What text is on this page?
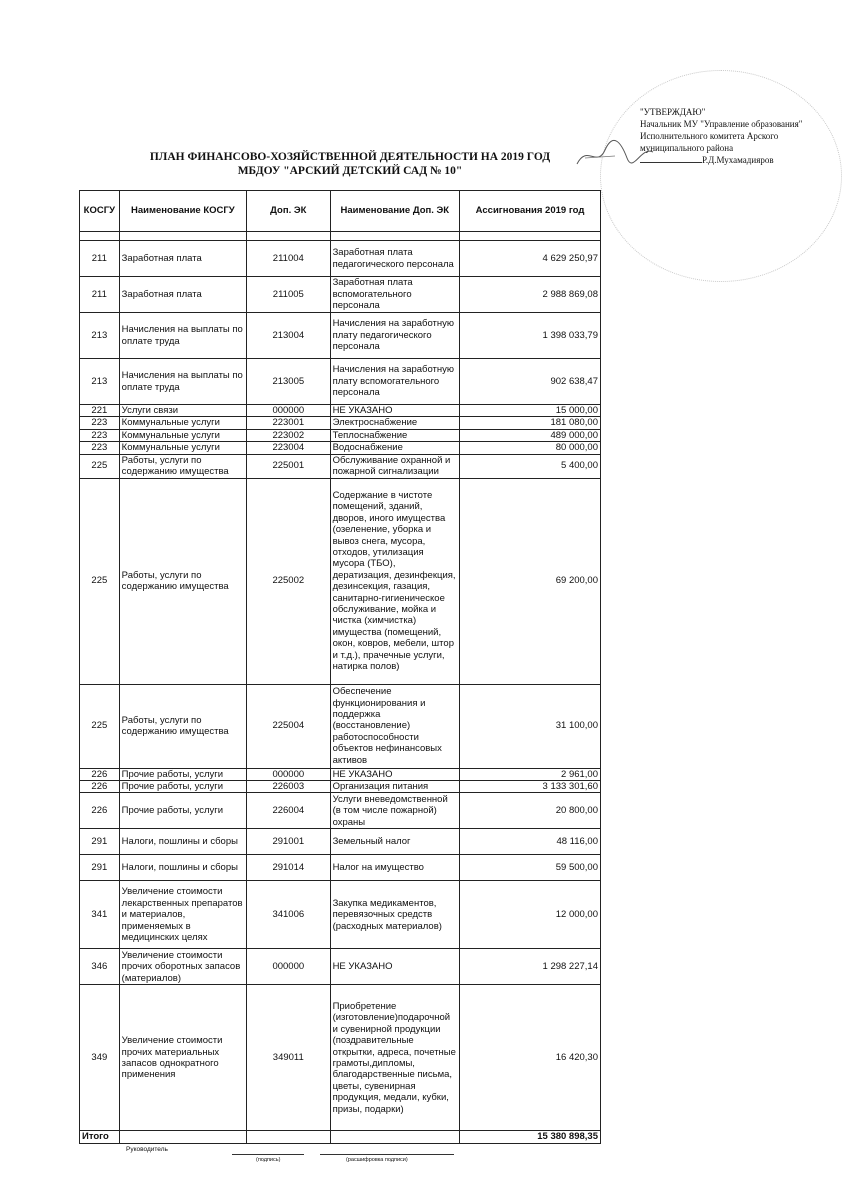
"УТВЕРЖДАЮ"
Начальник МУ "Управление образования"
Исполнительного комитета Арского
муниципального района
Р.Д.Мухамадияров
ПЛАН ФИНАНСОВО-ХОЗЯЙСТВЕННОЙ ДЕЯТЕЛЬНОСТИ НА 2019 ГОД
МБДОУ "АРСКИЙ ДЕТСКИЙ САД № 10"
КОСГУ	Наименование КОСГУ	Доп. ЭК	Наименование Доп. ЭК	Ассигнования 2019 год

211	Заработная плата	211004	Заработная плата педагогического персонала	4 629 250,97
211	Заработная плата	211005	Заработная плата вспомогательного персонала	2 988 869,08
213	Начисления на выплаты по оплате труда	213004	Начисления на заработную плату педагогического персонала	1 398 033,79
213	Начисления на выплаты по оплате труда	213005	Начисления на заработную плату вспомогательного персонала	902 638,47
221	Услуги связи	000000	НЕ УКАЗАНО	15 000,00
223	Коммунальные услуги	223001	Электроснабжение	181 080,00
223	Коммунальные услуги	223002	Теплоснабжение	489 000,00
223	Коммунальные услуги	223004	Водоснабжение	80 000,00
225	Работы, услуги по содержанию имущества	225001	Обслуживание охранной и пожарной сигнализации	5 400,00
225	Работы, услуги по содержанию имущества	225002	Содержание в чистоте помещений, зданий, дворов, иного имущества (озеленение, уборка и вывоз снега, мусора, отходов, утилизация мусора (ТБО), дератизация, дезинфекция, дезинсекция, газация, санитарно-гигиеническое обслуживание, мойка и чистка (химчистка) имущества (помещений, окон, ковров, мебели, штор и т.д.), прачечные услуги, натирка полов)	69 200,00
225	Работы, услуги по содержанию имущества	225004	Обеспечение функционирования и поддержка (восстановление) работоспособности объектов нефинансовых активов	31 100,00
226	Прочие работы, услуги	000000	НЕ УКАЗАНО	2 961,00
226	Прочие работы, услуги	226003	Организация питания	3 133 301,60
226	Прочие работы, услуги	226004	Услуги вневедомственной (в том числе пожарной) охраны	20 800,00
291	Налоги, пошлины и сборы	291001	Земельный налог	48 116,00
291	Налоги, пошлины и сборы	291014	Налог на имущество	59 500,00
341	Увеличение стоимости лекарственных препаратов и материалов, применяемых в медицинских целях	341006	Закупка медикаментов, перевязочных средств (расходных материалов)	12 000,00
346	Увеличение стоимости прочих оборотных запасов (материалов)	000000	НЕ УКАЗАНО	1 298 227,14
349	Увеличение стоимости прочих материальных запасов однократного применения	349011	Приобретение (изготовление)подарочной и сувенирной продукции (поздравительные открытки, адреса, почетные грамоты,дипломы, благодарственные письма, цветы, сувенирная продукция, медали, кубки, призы, подарки)	16 420,30
Итого				15 380 898,35
Руководитель
(подпись)	(расшифровка подписи)
